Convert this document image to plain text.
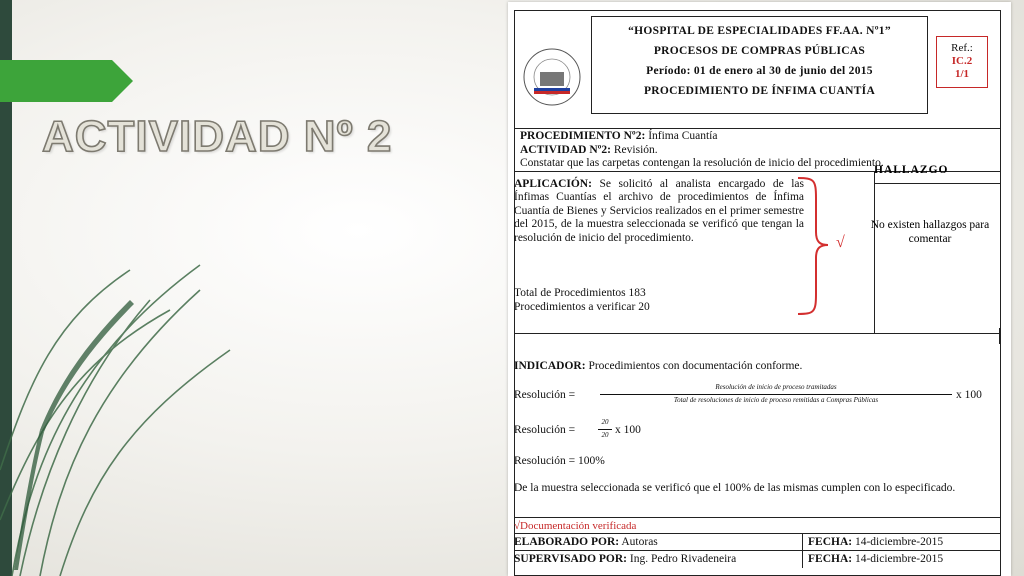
ACTIVIDAD Nº 2
“HOSPITAL DE ESPECIALIDADES FF.AA. Nº1”
PROCESOS DE COMPRAS PÚBLICAS
Período: 01 de enero al 30 de junio del 2015
PROCEDIMIENTO DE ÍNFIMA CUANTÍA
Ref.:
IC.2
1/1
PROCEDIMIENTO Nº2: Ínfima Cuantía
ACTIVIDAD Nº2: Revisión.
Constatar que las carpetas contengan la resolución de inicio del procedimiento.
APLICACIÓN: Se solicitó al analista encargado de las Ínfimas Cuantías el archivo de procedimientos de Ínfima Cuantía de Bienes y Servicios realizados en el primer semestre del 2015, de la muestra seleccionada se verificó que tengan la resolución de inicio del procedimiento.
Total de Procedimientos 183
Procedimientos a verificar 20
√
HALLAZGO
No existen hallazgos para comentar
INDICADOR: Procedimientos con documentación conforme.
Resolución =
Resolución de inicio de proceso tramitadas
Total de resoluciones de inicio de proceso remitidas a Compras Públicas	x 100
Resolución =
20
20 x 100
Resolución = 100%
De la muestra seleccionada se verificó que el 100% de las mismas cumplen con lo especificado.
√Documentación verificada
ELABORADO POR: Autoras	FECHA: 14-diciembre-2015
SUPERVISADO POR: Ing. Pedro Rivadeneira	FECHA: 14-diciembre-2015
